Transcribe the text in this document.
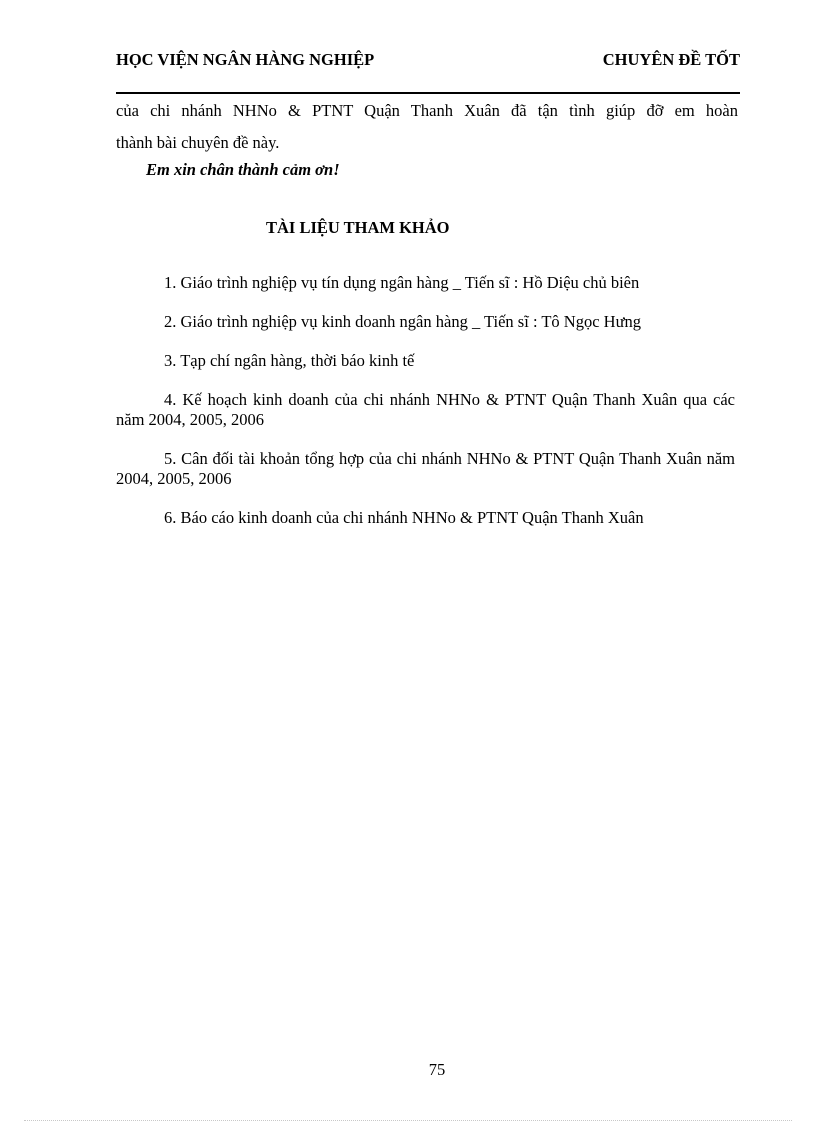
HỌC VIỆN NGÂN HÀNG NGHIỆP	CHUYÊN ĐỀ TỐT

của chi nhánh NHNo & PTNT Quận Thanh Xuân đã tận tình giúp đỡ em hoàn
thành bài chuyên đề này.

Em xin chân thành cảm ơn!

TÀI LIỆU THAM KHẢO
1. Giáo trình nghiệp vụ tín dụng ngân hàng _ Tiến sĩ : Hồ Diệu chủ biên
2. Giáo trình nghiệp vụ kinh doanh ngân hàng _ Tiến sĩ : Tô Ngọc Hưng
3. Tạp chí ngân hàng, thời báo kinh tế
4. Kế hoạch kinh doanh của chi nhánh NHNo & PTNT Quận Thanh Xuân qua các năm 2004, 2005, 2006
5. Cân đối tài khoản tổng hợp của chi nhánh NHNo & PTNT Quận Thanh Xuân năm 2004, 2005, 2006
6. Báo cáo kinh doanh của chi nhánh NHNo & PTNT Quận Thanh Xuân

75
